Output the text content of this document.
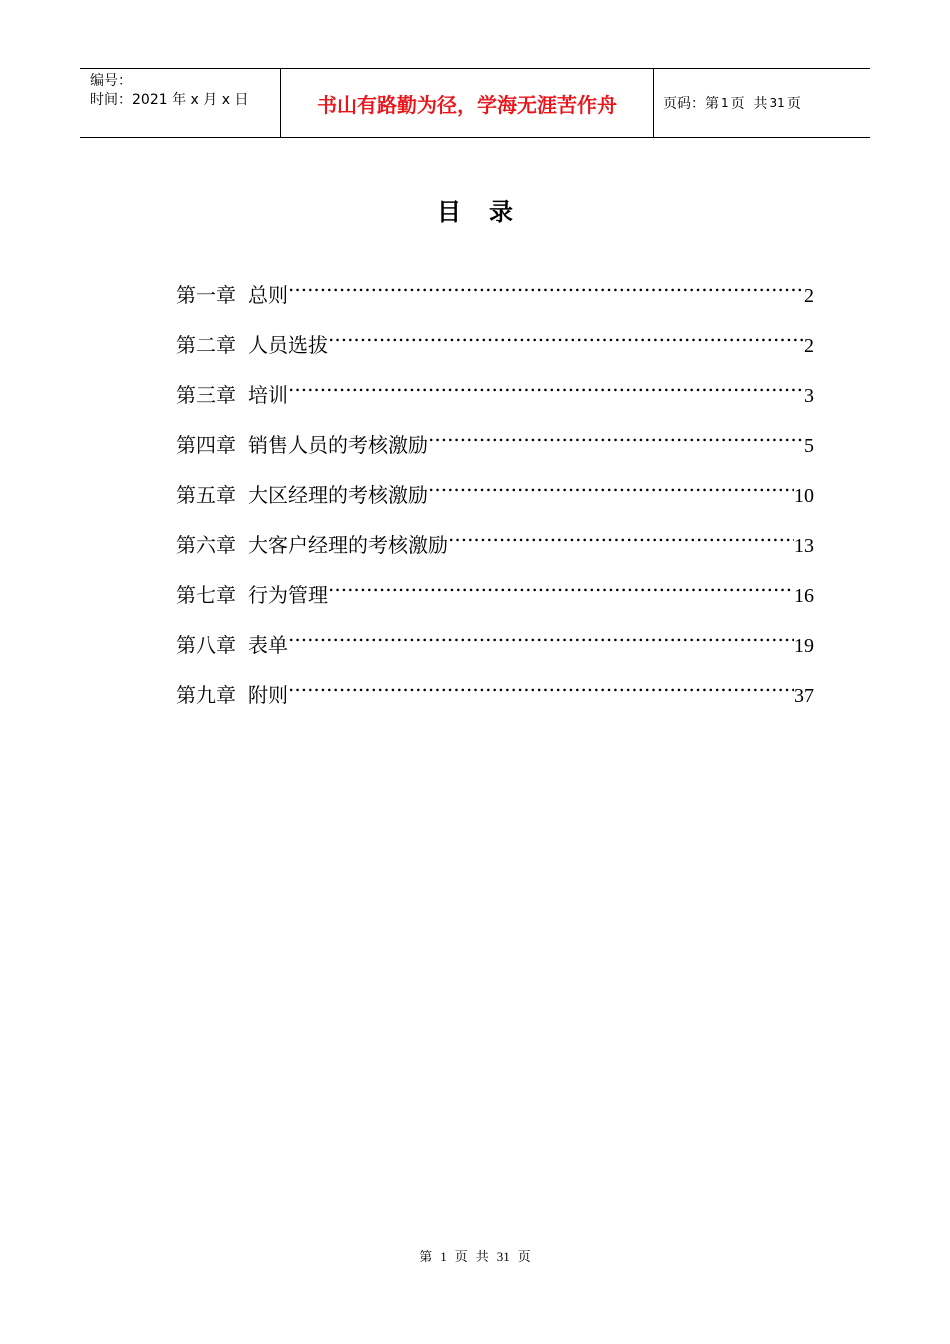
编号：
时间：2021 年 x 月 x 日	书山有路勤为径，学海无涯苦作舟	页码：第 1 页
共 31 页
目录
第一章 总则 .....	2
第二章 人员选拔 .....	2
第三章 培训 .....	3
第四章 销售人员的考核激励 .....	5
第五章 大区经理的考核激励 .....	10
第六章 大客户经理的考核激励 .....	13
第七章 行为管理 .....	16
第八章 表单 .....	19
第九章 附则 .....	37
第 1 页 共 31 页
